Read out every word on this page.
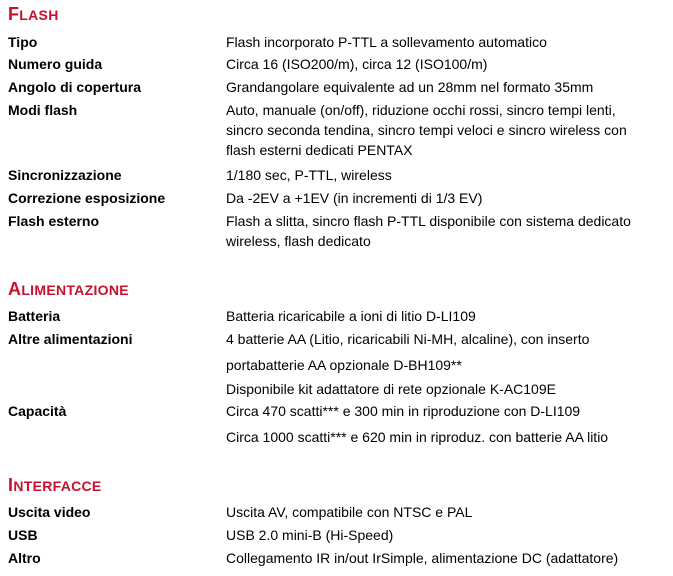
FLASH
Tipo	Flash incorporato P-TTL a sollevamento automatico
Numero guida	Circa 16 (ISO200/m), circa 12 (ISO100/m)
Angolo di copertura	Grandangolare equivalente ad un 28mm nel formato 35mm
Modi flash	Auto, manuale (on/off), riduzione occhi rossi, sincro tempi lenti,
sincro seconda tendina, sincro tempi veloci e sincro wireless con
flash esterni dedicati PENTAX
Sincronizzazione	1/180 sec, P-TTL, wireless
Correzione esposizione	Da -2EV a +1EV (in incrementi di 1/3 EV)
Flash esterno	Flash a slitta, sincro flash P-TTL disponibile con sistema dedicato
wireless, flash dedicato
ALIMENTAZIONE
Batteria	Batteria ricaricabile a ioni di litio D-LI109
Altre alimentazioni	4 batterie AA (Litio, ricaricabili Ni-MH, alcaline), con inserto
portabatterie AA opzionale D-BH109**
Disponibile kit adattatore di rete opzionale K-AC109E
Capacità	Circa 470 scatti*** e 300 min in riproduzione con D-LI109
Circa 1000 scatti*** e 620 min in riproduz. con batterie AA litio
INTERFACCE
Uscita video	Uscita AV, compatibile con NTSC e PAL
USB	USB 2.0 mini-B (Hi-Speed)
Altro	Collegamento IR in/out IrSimple, alimentazione DC (adattatore)
